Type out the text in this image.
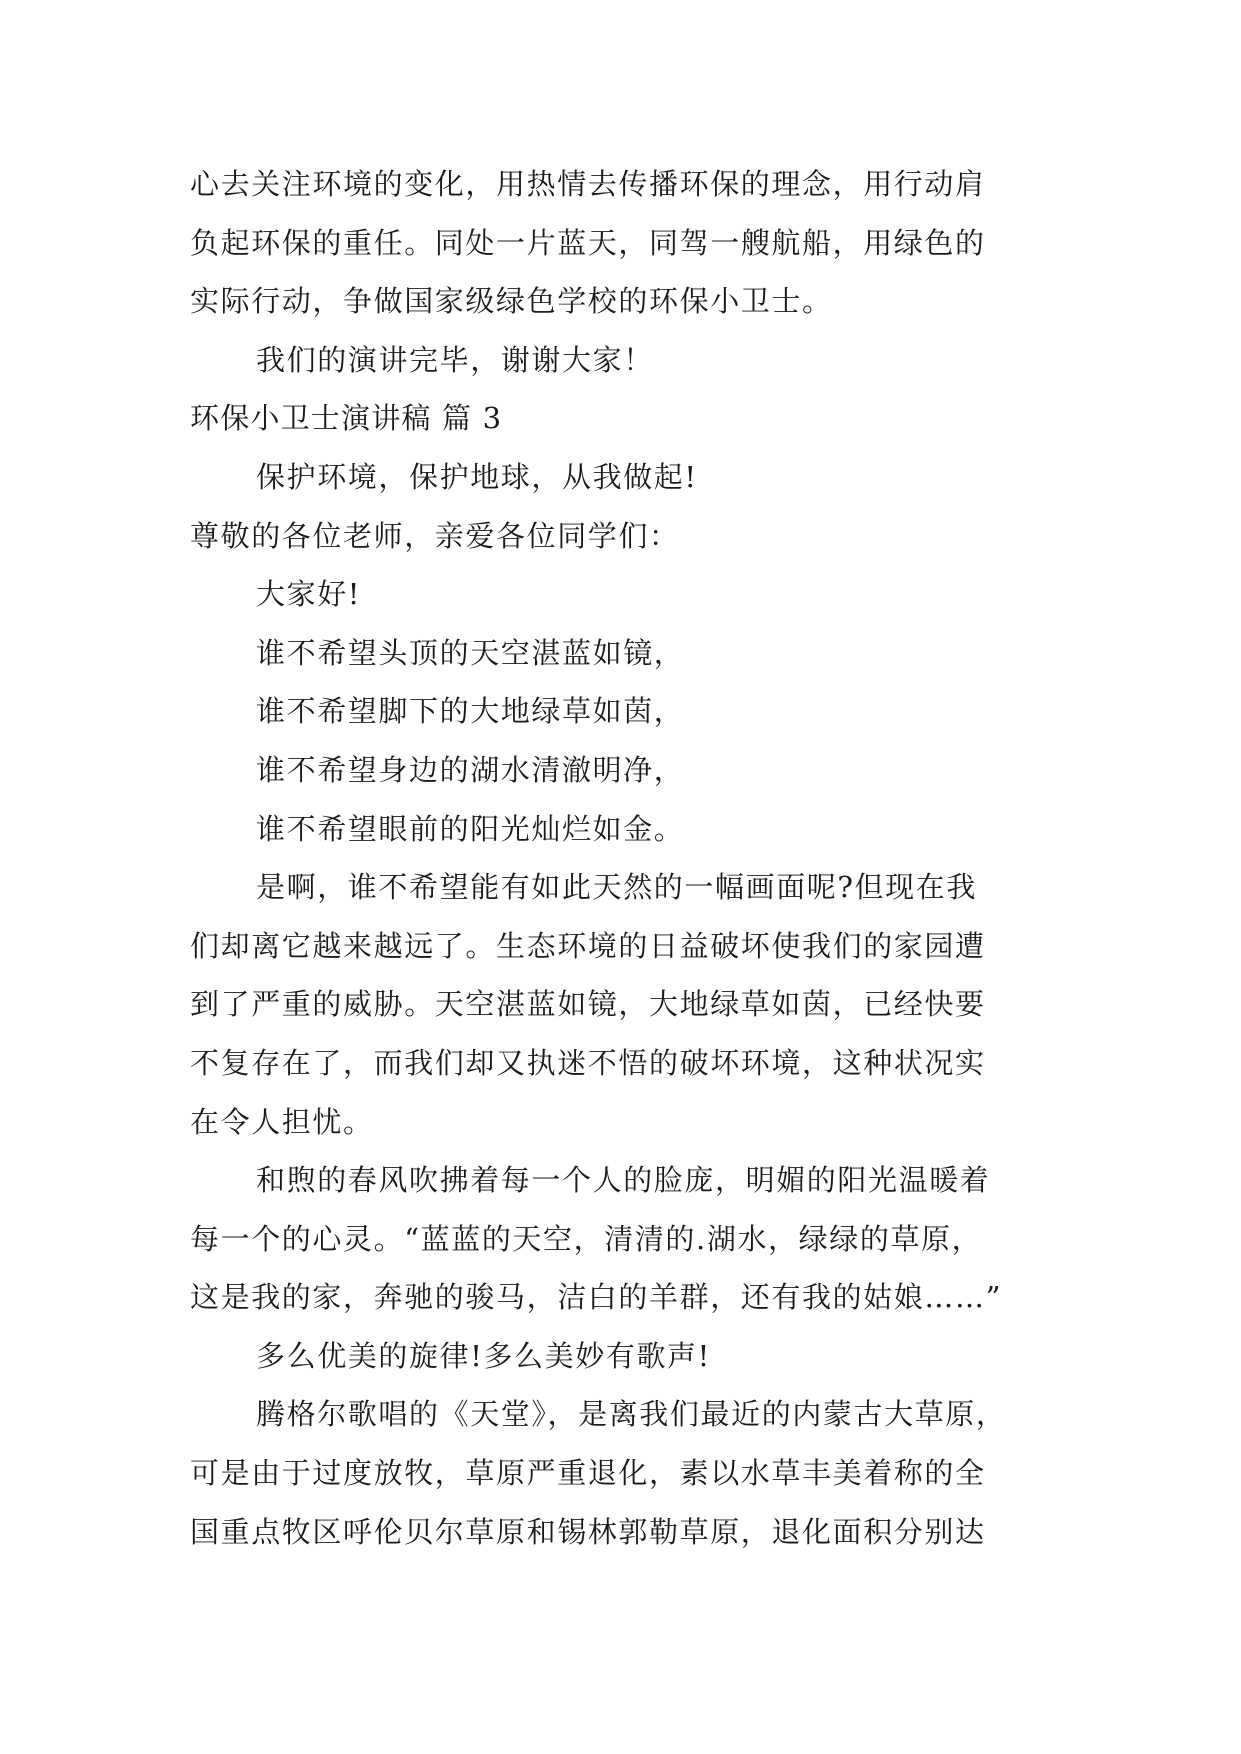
心去关注环境的变化，用热情去传播环保的理念，用行动肩
负起环保的重任。同处一片蓝天，同驾一艘航船，用绿色的
实际行动，争做国家级绿色学校的环保小卫士。
我们的演讲完毕，谢谢大家！
环保小卫士演讲稿 篇 3
保护环境，保护地球，从我做起!
尊敬的各位老师，亲爱各位同学们：
大家好!
谁不希望头顶的天空湛蓝如镜，
谁不希望脚下的大地绿草如茵，
谁不希望身边的湖水清澈明净，
谁不希望眼前的阳光灿烂如金。
是啊，谁不希望能有如此天然的一幅画面呢?但现在我
们却离它越来越远了。生态环境的日益破坏使我们的家园遭
到了严重的威胁。天空湛蓝如镜，大地绿草如茵，已经快要
不复存在了，而我们却又执迷不悟的破坏环境，这种状况实
在令人担忧。
和煦的春风吹拂着每一个人的脸庞，明媚的阳光温暖着
每一个的心灵。“蓝蓝的天空，清清的.湖水，绿绿的草原，
这是我的家，奔驰的骏马，洁白的羊群，还有我的姑娘……”
多么优美的旋律!多么美妙有歌声!
腾格尔歌唱的《天堂》，是离我们最近的内蒙古大草原，
可是由于过度放牧，草原严重退化，素以水草丰美着称的全
国重点牧区呼伦贝尔草原和锡林郭勒草原，退化面积分别达
